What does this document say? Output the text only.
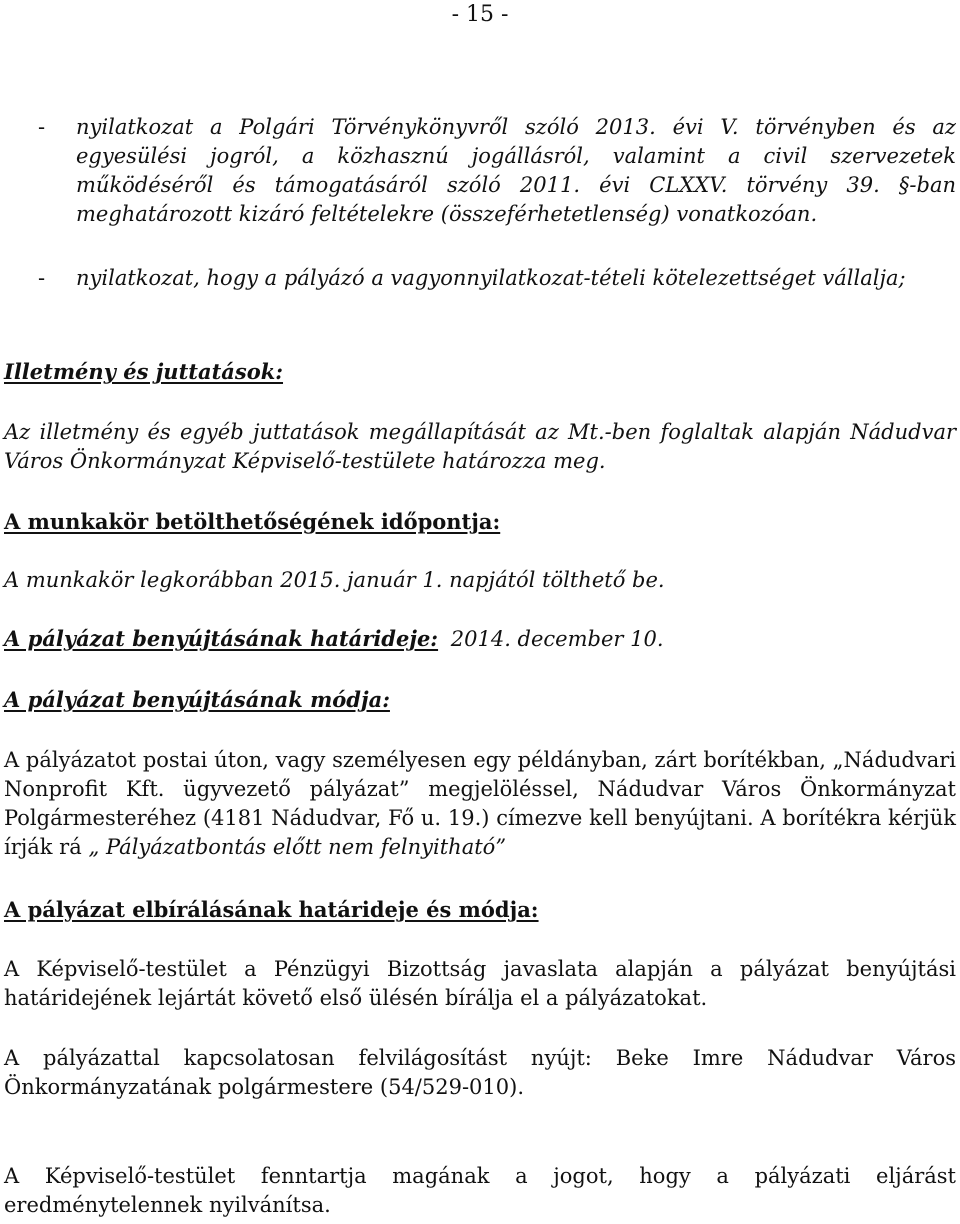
- 15 -
- nyilatkozat a Polgári Törvénykönyvről szóló 2013. évi V. törvényben és az egyesülési jogról, a közhasznú jogállásról, valamint a civil szervezetek működéséről és támogatásáról szóló 2011. évi CLXXV. törvény 39. §-ban meghatározott kizáró feltételekre (összeférhetetlenség) vonatkozóan.
- nyilatkozat, hogy a pályázó a vagyonnyilatkozat-tételi kötelezettséget vállalja;
Illetmény és juttatások:
Az illetmény és egyéb juttatások megállapítását az Mt.-ben foglaltak alapján Nádudvar Város Önkormányzat Képviselő-testülete határozza meg.
A munkakör betölthetőségének időpontja:
A munkakör legkorábban 2015. január 1. napjától tölthető be.
A pályázat benyújtásának határideje: 2014. december 10.
A pályázat benyújtásának módja:
A pályázatot postai úton, vagy személyesen egy példányban, zárt borítékban, „Nádudvari Nonprofit Kft. ügyvezető pályázat” megjelöléssel, Nádudvar Város Önkormányzat Polgármesteréhez (4181 Nádudvar, Fő u. 19.) címezve kell benyújtani. A borítékra kérjük írják rá „ Pályázatbontás előtt nem felnyitható”
A pályázat elbírálásának határideje és módja:
A Képviselő-testület a Pénzügyi Bizottság javaslata alapján a pályázat benyújtási határidejének lejártát követő első ülésén bírálja el a pályázatokat.
A pályázattal kapcsolatosan felvilágosítást nyújt: Beke Imre Nádudvar Város Önkormányzatának polgármestere (54/529-010).
A Képviselő-testület fenntartja magának a jogot, hogy a pályázati eljárást eredménytelennek nyilvánítsa.
